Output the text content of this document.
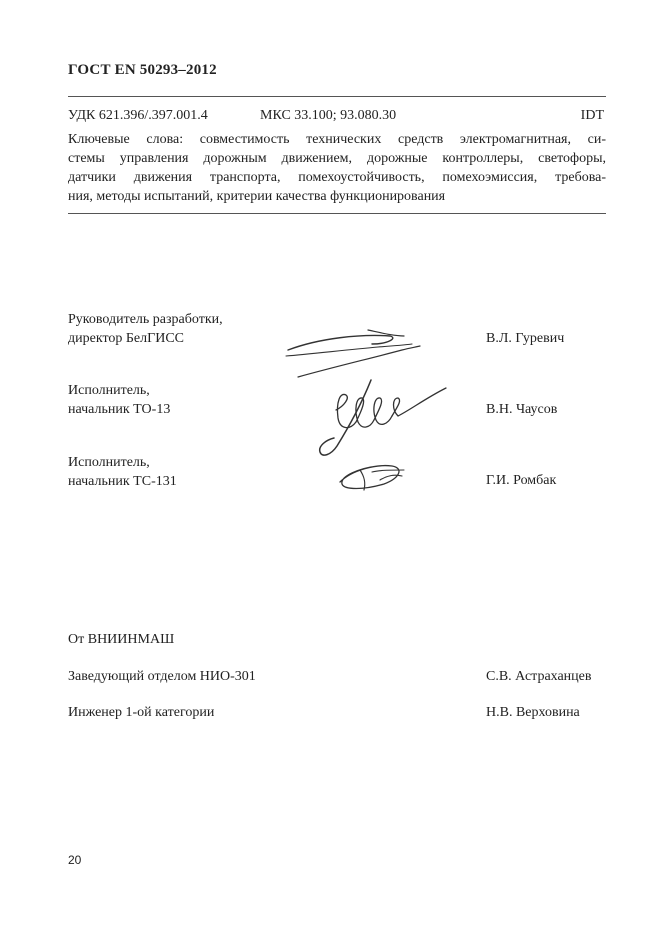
ГОСТ EN 50293–2012
УДК 621.396/.397.001.4	МКС 33.100; 93.080.30	IDT
Ключевые слова: совместимость технических средств электромагнитная, си-
стемы управления дорожным движением, дорожные контроллеры, светофоры,
датчики движения транспорта, помехоустойчивость, помехоэмиссия, требова-
ния, методы испытаний, критерии качества функционирования
Руководитель разработки,
директор БелГИСС	В.Л. Гуревич
Исполнитель,
начальник ТО-13	В.Н. Чаусов
Исполнитель,
начальник ТС-131	Г.И. Ромбак
От ВНИИНМАШ
Заведующий отделом НИО-301	С.В. Астраханцев
Инженер 1-ой категории	Н.В. Верховина
20
